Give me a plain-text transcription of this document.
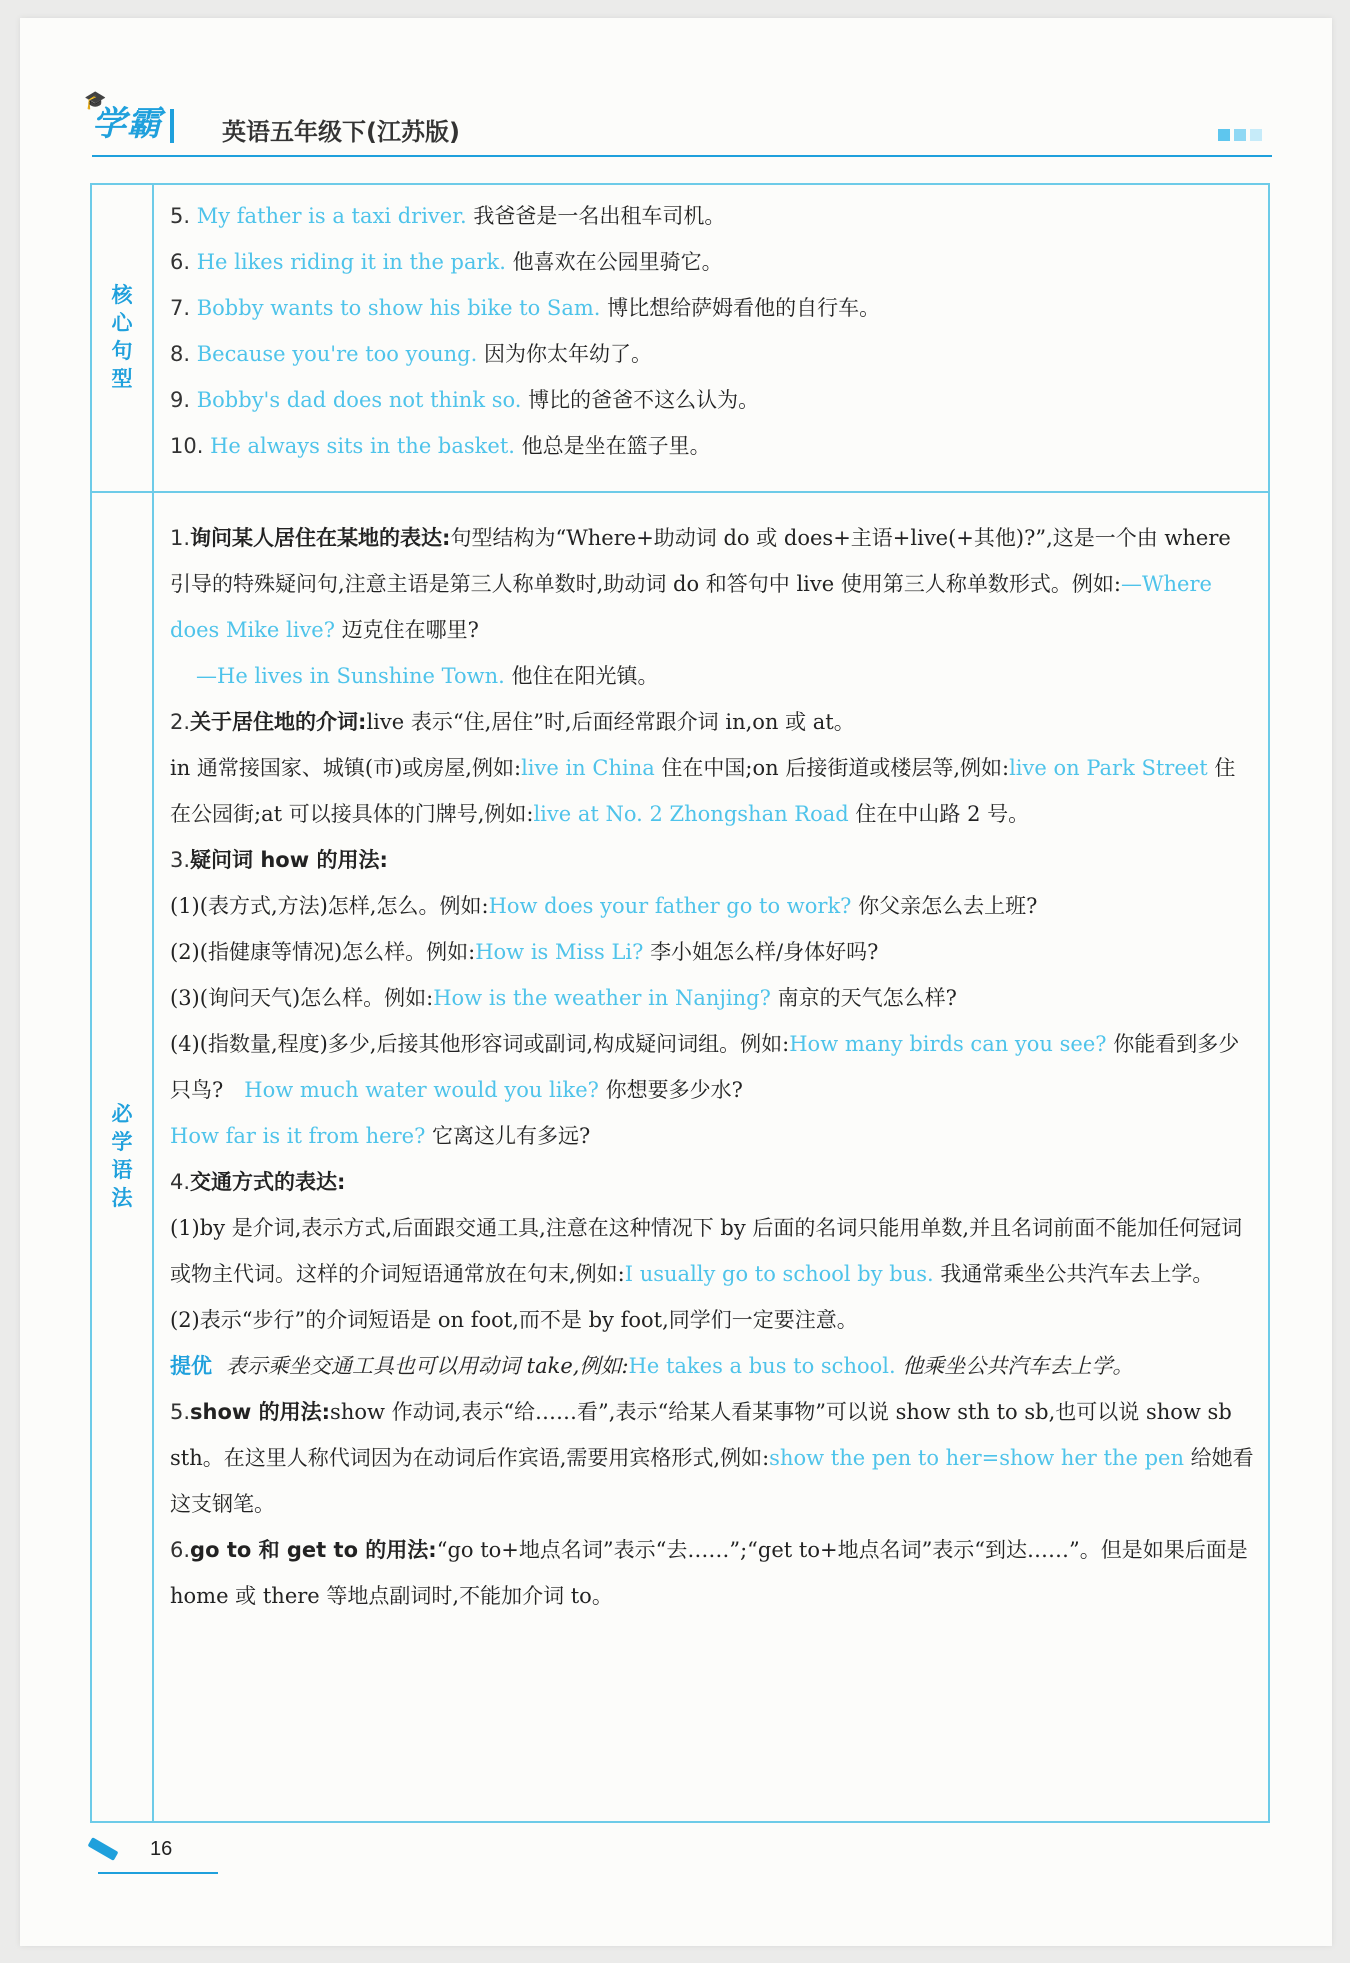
🎓
学霸	英语五年级下(江苏版)
核
心
句
型
必
学
语
法
5. My father is a taxi driver. 我爸爸是一名出租车司机。
6. He likes riding it in the park. 他喜欢在公园里骑它。
7. Bobby wants to show his bike to Sam. 博比想给萨姆看他的自行车。
8. Because you're too young. 因为你太年幼了。
9. Bobby's dad does not think so. 博比的爸爸不这么认为。
10. He always sits in the basket. 他总是坐在篮子里。
1.询问某人居住在某地的表达:句型结构为“Where+助动词 do 或 does+主语+live(+其他)?”,这是一个由 where 引导的特殊疑问句,注意主语是第三人称单数时,助动词 do 和答句中 live 使用第三人称单数形式。例如:—Where does Mike live? 迈克住在哪里?
—He lives in Sunshine Town. 他住在阳光镇。
2.关于居住地的介词:live 表示“住,居住”时,后面经常跟介词 in,on 或 at。
in 通常接国家、城镇(市)或房屋,例如:live in China 住在中国;on 后接街道或楼层等,例如:live on Park Street 住在公园街;at 可以接具体的门牌号,例如:live at No. 2 Zhongshan Road 住在中山路 2 号。
3.疑问词 how 的用法:
(1)(表方式,方法)怎样,怎么。例如:How does your father go to work? 你父亲怎么去上班?
(2)(指健康等情况)怎么样。例如:How is Miss Li? 李小姐怎么样/身体好吗?
(3)(询问天气)怎么样。例如:How is the weather in Nanjing? 南京的天气怎么样?
(4)(指数量,程度)多少,后接其他形容词或副词,构成疑问词组。例如:How many birds can you see? 你能看到多少只鸟?　 How much water would you like? 你想要多少水?
How far is it from here? 它离这儿有多远?
4.交通方式的表达:
(1)by 是介词,表示方式,后面跟交通工具,注意在这种情况下 by 后面的名词只能用单数,并且名词前面不能加任何冠词或物主代词。这样的介词短语通常放在句末,例如:I usually go to school by bus. 我通常乘坐公共汽车去上学。
(2)表示“步行”的介词短语是 on foot,而不是 by foot,同学们一定要注意。
提优 表示乘坐交通工具也可以用动词 take,例如:He takes a bus to school. 他乘坐公共汽车去上学。
5.show 的用法:show 作动词,表示“给……看”,表示“给某人看某事物”可以说 show sth to sb,也可以说 show sb sth。在这里人称代词因为在动词后作宾语,需要用宾格形式,例如:show the pen to her=show her the pen 给她看这支钢笔。
6.go to 和 get to 的用法:“go to+地点名词”表示“去……”;“get to+地点名词”表示“到达……”。但是如果后面是 home 或 there 等地点副词时,不能加介词 to。
16
